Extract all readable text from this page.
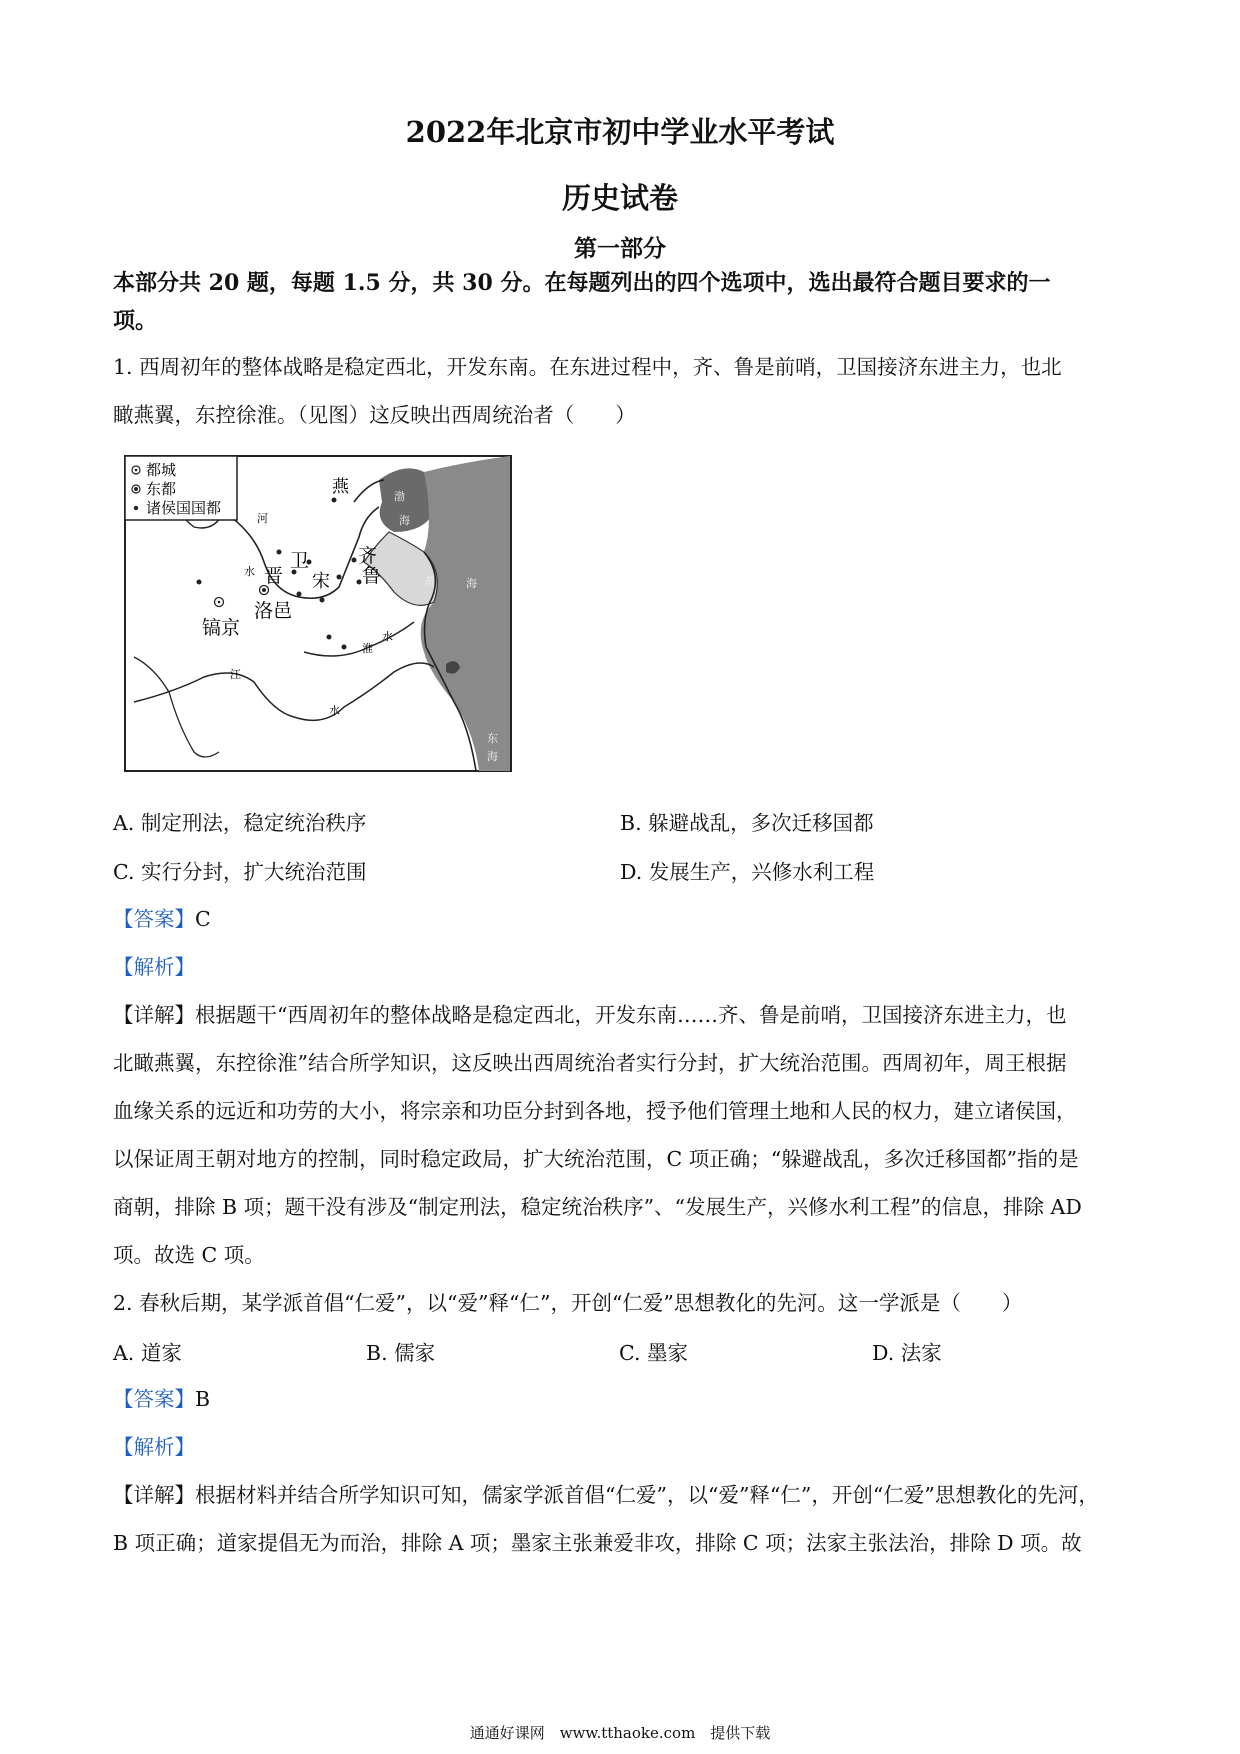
2022年北京市初中学业水平考试
历史试卷
第一部分
本部分共 20 题，每题 1.5 分，共 30 分。在每题列出的四个选项中，选出最符合题目要求的一
项。
1. 西周初年的整体战略是稳定西北，开发东南。在东进过程中，齐、鲁是前哨，卫国接济东进主力，也北
瞰燕翼，东控徐淮。（见图）这反映出西周统治者（　　）
都城
东都
诸侯国国都
燕	渤
海
河
水 晋
卫	齐
鲁
宋
洛邑
镐京
黄	海
淮
水
江
水
东
海
A. 制定刑法，稳定统治秩序	B. 躲避战乱，多次迁移国都
C. 实行分封，扩大统治范围	D. 发展生产，兴修水利工程
【答案】C
【解析】
【详解】根据题干“西周初年的整体战略是稳定西北，开发东南……齐、鲁是前哨，卫国接济东进主力，也
北瞰燕翼，东控徐淮”结合所学知识，这反映出西周统治者实行分封，扩大统治范围。西周初年，周王根据
血缘关系的远近和功劳的大小，将宗亲和功臣分封到各地，授予他们管理土地和人民的权力，建立诸侯国，
以保证周王朝对地方的控制，同时稳定政局，扩大统治范围，C 项正确；“躲避战乱，多次迁移国都”指的是
商朝，排除 B 项；题干没有涉及“制定刑法，稳定统治秩序”、“发展生产，兴修水利工程”的信息，排除 AD
项。故选 C 项。
2. 春秋后期，某学派首倡“仁爱”，以“爱”释“仁”，开创“仁爱”思想教化的先河。这一学派是（　　）
A. 道家	B. 儒家	C. 墨家	D. 法家
【答案】B
【解析】
【详解】根据材料并结合所学知识可知，儒家学派首倡“仁爱”，以“爱”释“仁”，开创“仁爱”思想教化的先河，
B 项正确；道家提倡无为而治，排除 A 项；墨家主张兼爱非攻，排除 C 项；法家主张法治，排除 D 项。故
通通好课网　www.tthaoke.com　提供下载
